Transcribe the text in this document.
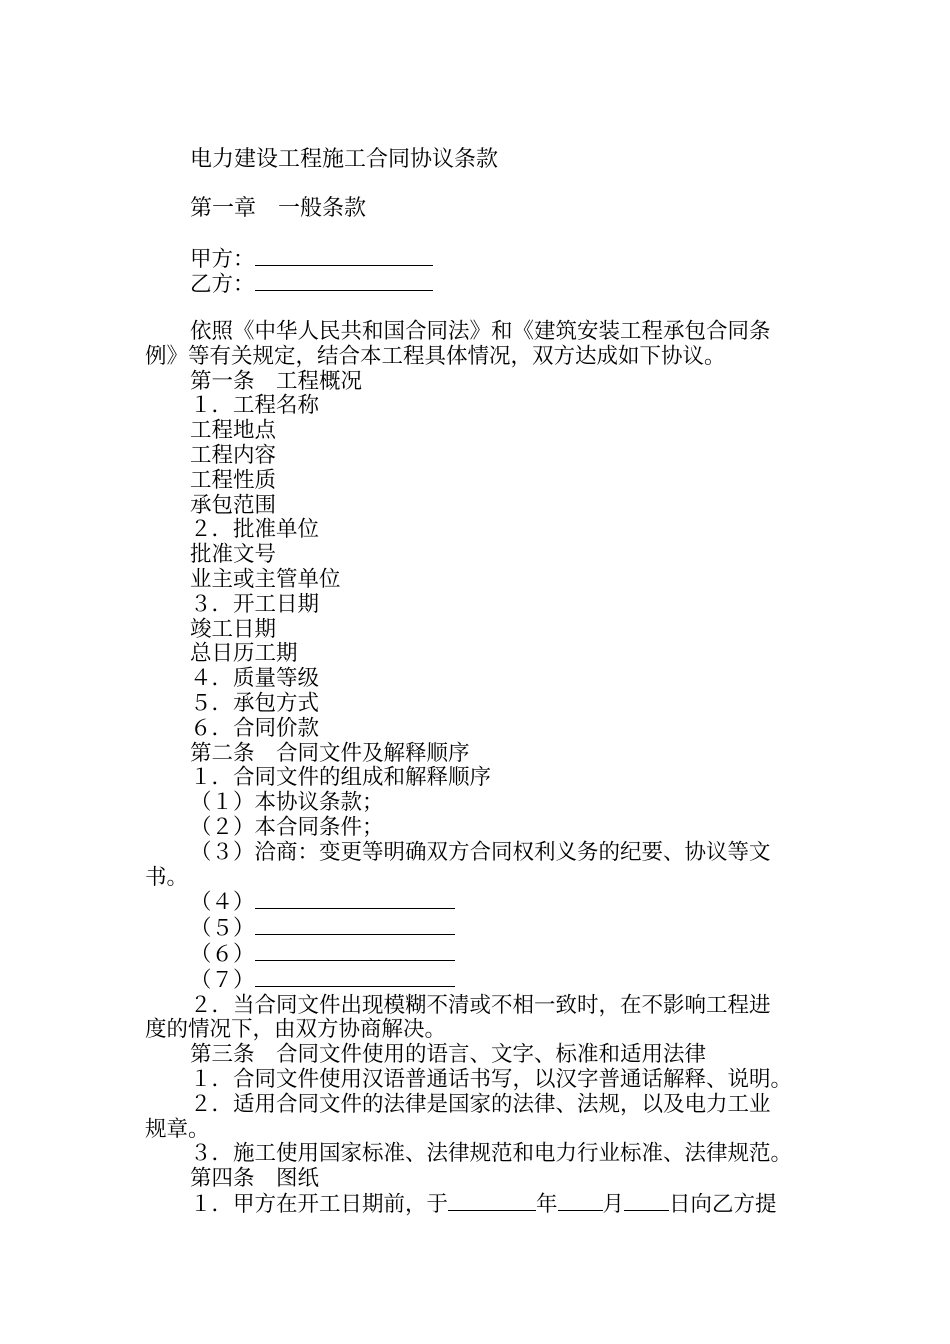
电力建设工程施工合同协议条款
第一章　一般条款
甲方：
乙方：

依照《中华人民共和国合同法》和《建筑安装工程承包合同条

例》等有关规定，结合本工程具体情况，双方达成如下协议。

第一条　工程概况

１．工程名称

工程地点

工程内容

工程性质

承包范围

２．批准单位

批准文号

业主或主管单位

３．开工日期

竣工日期

总日历工期

４．质量等级

５．承包方式

６．合同价款

第二条　合同文件及解释顺序

１．合同文件的组成和解释顺序

（１）本协议条款；

（２）本合同条件；

（３）洽商：变更等明确双方合同权利义务的纪要、协议等文

书。

（４）

（５）

（６）

（７）

２．当合同文件出现模糊不清或不相一致时，在不影响工程进

度的情况下，由双方协商解决。

第三条　合同文件使用的语言、文字、标准和适用法律

１．合同文件使用汉语普通话书写，以汉字普通话解释、说明。

２．适用合同文件的法律是国家的法律、法规，以及电力工业

规章。

３．施工使用国家标准、法律规范和电力行业标准、法律规范。

第四条　图纸

１．甲方在开工日期前，于	年 月 日向乙方提
